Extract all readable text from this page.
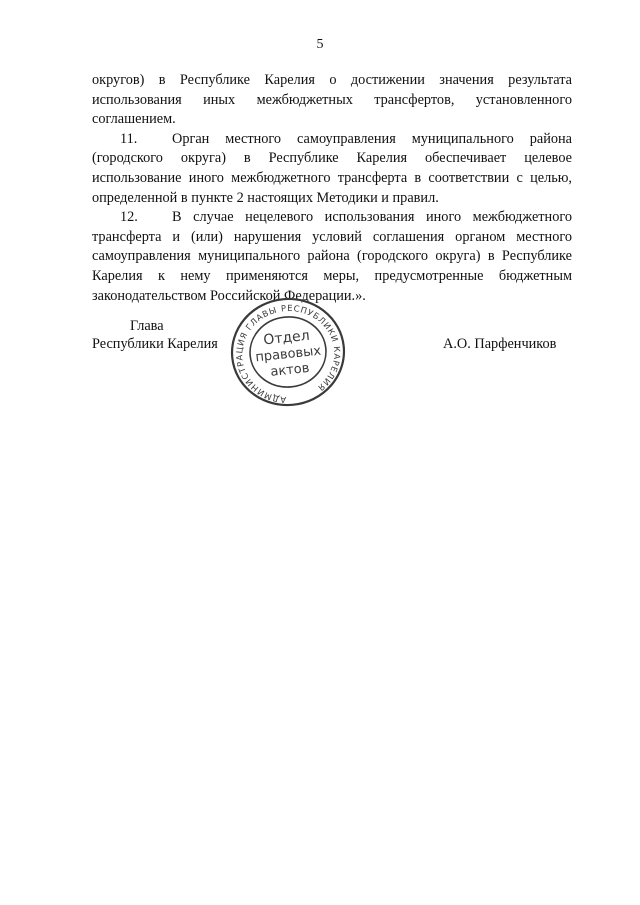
5

округов) в Республике Карелия о достижении значения результата использования иных межбюджетных трансфертов, установленного соглашением.

11. Орган местного самоуправления муниципального района (городского округа) в Республике Карелия обеспечивает целевое использование иного межбюджетного трансферта в соответствии с целью, определенной в пункте 2 настоящих Методики и правил.

12. В случае нецелевого использования иного межбюджетного трансферта и (или) нарушения условий соглашения органом местного самоуправления муниципального района (городского округа) в Республике Карелия к нему применяются меры, предусмотренные бюджетным законодательством Российской Федерации.».

Глава
Республики Карелия	А.О. Парфенчиков
АДМИНИСТРАЦИЯ ГЛАВЫ РЕСПУБЛИКИ КАРЕЛИЯ
Отдел
правовых
актов
